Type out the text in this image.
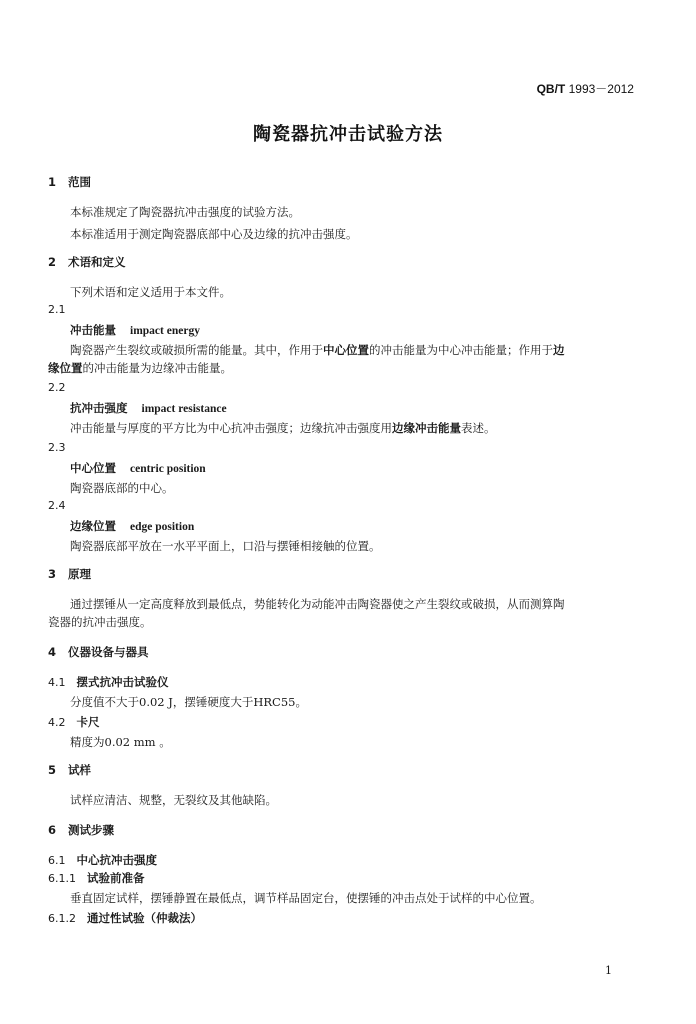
QB/T 1993－2012
陶瓷器抗冲击试验方法
1 范围
本标准规定了陶瓷器抗冲击强度的试验方法。
本标准适用于测定陶瓷器底部中心及边缘的抗冲击强度。
2 术语和定义
下列术语和定义适用于本文件。
2.1
冲击能量 impact energy
陶瓷器产生裂纹或破损所需的能量。其中，作用于中心位置的冲击能量为中心冲击能量；作用于边
缘位置的冲击能量为边缘冲击能量。
2.2
抗冲击强度 impact resistance
冲击能量与厚度的平方比为中心抗冲击强度；边缘抗冲击强度用边缘冲击能量表述。
2.3
中心位置 centric position
陶瓷器底部的中心。
2.4
边缘位置 edge position
陶瓷器底部平放在一水平平面上，口沿与摆锤相接触的位置。
3 原理
通过摆锤从一定高度释放到最低点，势能转化为动能冲击陶瓷器使之产生裂纹或破损，从而测算陶
瓷器的抗冲击强度。
4 仪器设备与器具
4.1 摆式抗冲击试验仪
分度值不大于0.02 J，摆锤硬度大于HRC55。
4.2 卡尺
精度为0.02 mm 。
5 试样
试样应清洁、规整，无裂纹及其他缺陷。
6 测试步骤
6.1 中心抗冲击强度
6.1.1 试验前准备
垂直固定试样，摆锤静置在最低点，调节样品固定台，使摆锤的冲击点处于试样的中心位置。
6.1.2 通过性试验（仲裁法）
1
